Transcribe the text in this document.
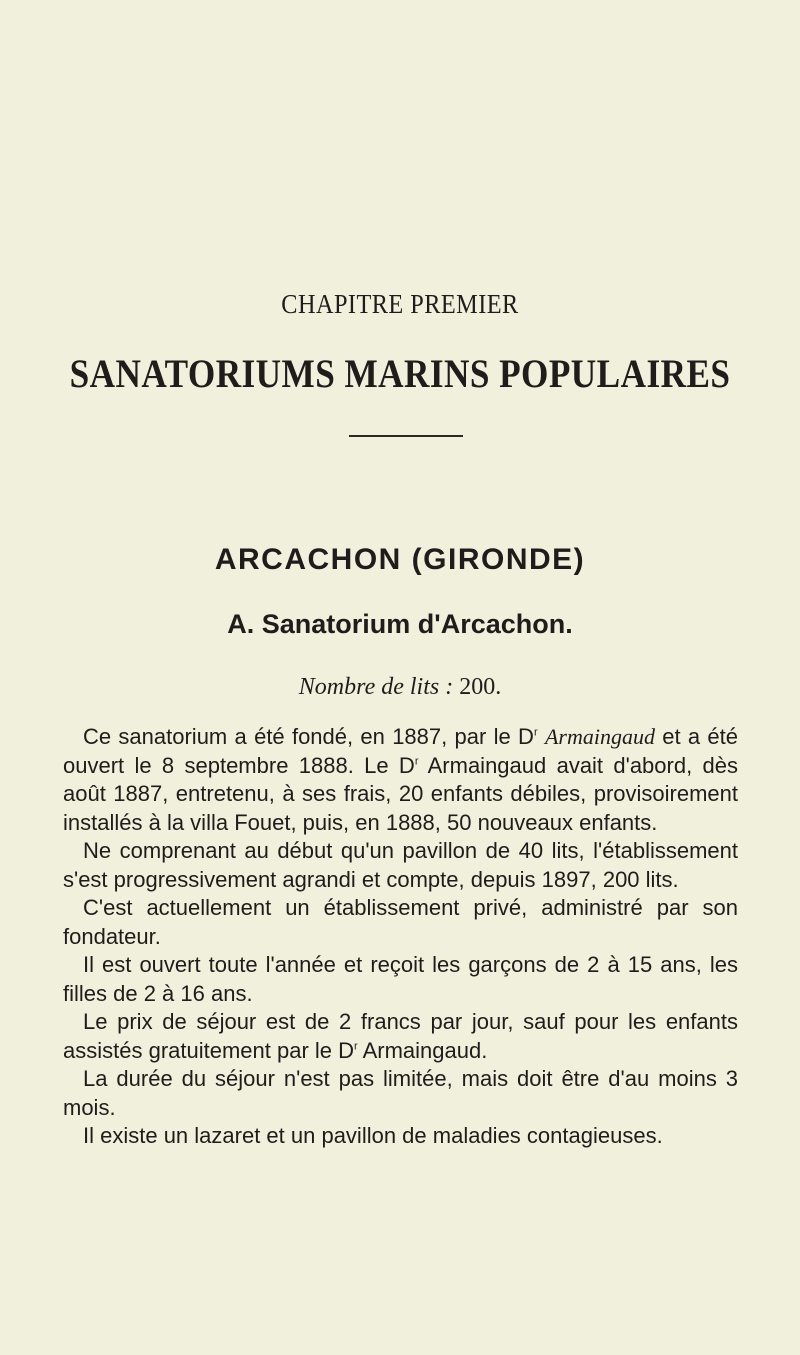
CHAPITRE PREMIER
SANATORIUMS MARINS POPULAIRES
ARCACHON (GIRONDE)
A. Sanatorium d'Arcachon.
Nombre de lits : 200.

Ce sanatorium a été fondé, en 1887, par le $D^r$ Armaingaud et a été ouvert le 8 septembre 1888. Le $D^r$ Armaingaud avait d'abord, dès août 1887, entretenu, à ses frais, 20 enfants débiles, provisoirement installés à la villa Fouet, puis, en 1888, 50 nouveaux enfants.

Ne comprenant au début qu'un pavillon de 40 lits, l'établissement s'est progressivement agrandi et compte, depuis 1897, 200 lits.

C'est actuellement un établissement privé, administré par son fondateur.

Il est ouvert toute l'année et reçoit les garçons de 2 à 15 ans, les filles de 2 à 16 ans.

Le prix de séjour est de 2 francs par jour, sauf pour les enfants assistés gratuitement par le $D^r$ Armaingaud.

La durée du séjour n'est pas limitée, mais doit être d'au moins 3 mois.

Il existe un lazaret et un pavillon de maladies contagieuses.
